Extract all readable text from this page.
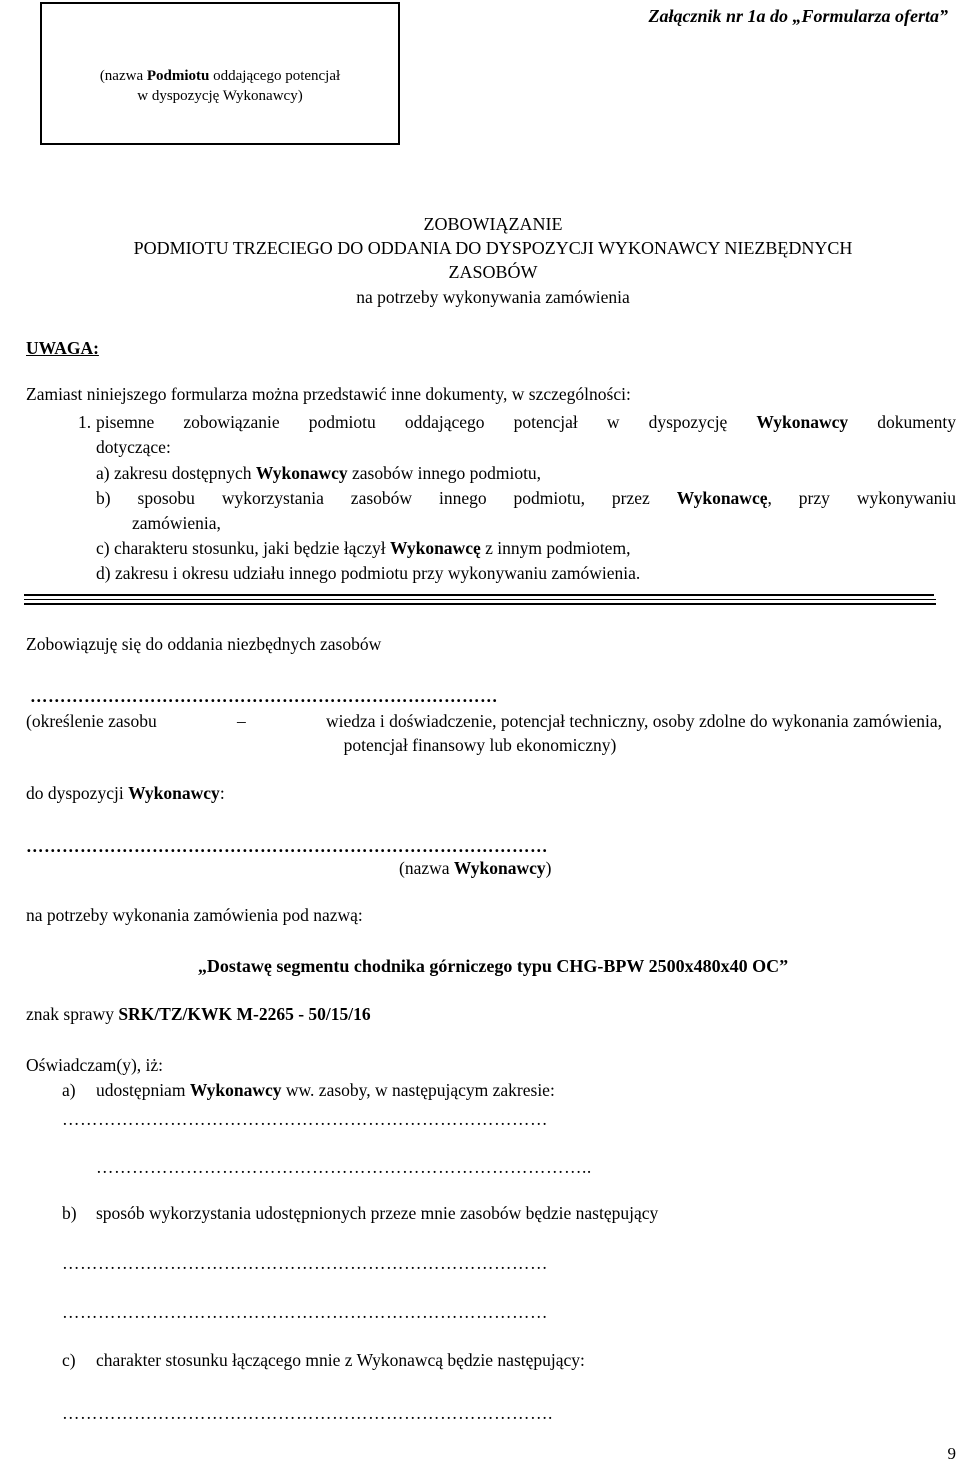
(nazwa Podmiotu oddającego potencjał
w dyspozycję Wykonawcy)
Załącznik nr 1a do „Formularza oferta”
ZOBOWIĄZANIE
PODMIOTU TRZECIEGO DO ODDANIA DO DYSPOZYCJI WYKONAWCY NIEZBĘDNYCH
ZASOBÓW
na potrzeby wykonywania zamówienia
UWAGA:
Zamiast niniejszego formularza można przedstawić inne dokumenty, w szczególności:
1. pisemne zobowiązanie podmiotu oddającego potencjał w dyspozycję Wykonawcy dokumenty
dotyczące:
a) zakresu dostępnych Wykonawcy zasobów innego podmiotu,
b) sposobu wykorzystania zasobów innego podmiotu, przez Wykonawcę, przy wykonywaniu
zamówienia,
c) charakteru stosunku, jaki będzie łączył Wykonawcę z innym podmiotem,
d) zakresu i okresu udziału innego podmiotu przy wykonywaniu zamówienia.
Zobowiązuję się do oddania niezbędnych zasobów
……………………………………………………………………
(określenie zasobu	–	wiedza i doświadczenie, potencjał techniczny, osoby zdolne do wykonania zamówienia,
potencjał finansowy lub ekonomiczny)
do dyspozycji Wykonawcy:
……………………………………………………………………………
(nazwa Wykonawcy)
na potrzeby wykonania zamówienia pod nazwą:
„Dostawę segmentu chodnika górniczego typu CHG-BPW 2500x480x40 OC”
znak sprawy SRK/TZ/KWK M-2265 - 50/15/16
Oświadczam(y), iż:
a) udostępniam Wykonawcy ww. zasoby, w następującym zakresie:
………………………………………………………………………
………………………………………………………………………..
b) sposób wykorzystania udostępnionych przeze mnie zasobów będzie następujący
………………………………………………………………………
………………………………………………………………………
c) charakter stosunku łączącego mnie z Wykonawcą będzie następujący:
……………………………………………………………………….
9
